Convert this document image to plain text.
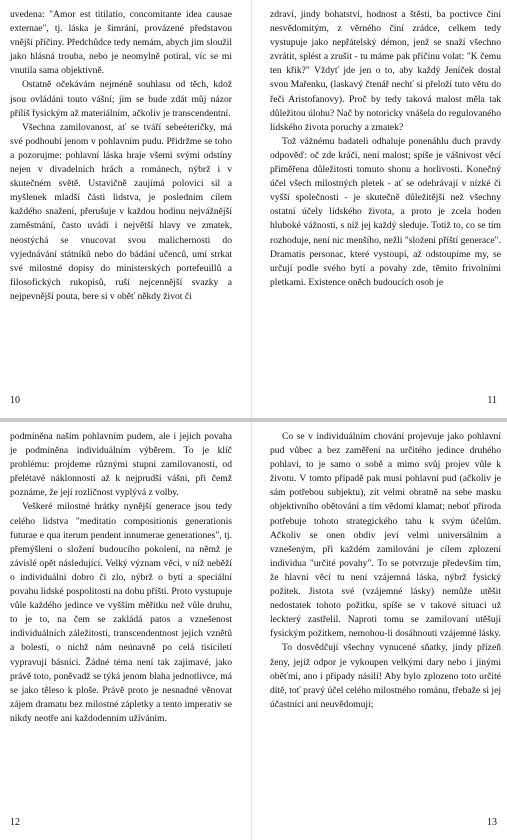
uvedena: "Amor est titilatio, concomitante idea causae externae", tj. láska je šimrání, provázené představou vnější příčiny. Předchůdce tedy nemám, abych jim sloužil jako hlásná trouba, nebo je neomylně potíral, víc se mi vnutila sama objektivně.

Ostatně očekávám nejméně souhlasu od těch, kdož jsou ovládáni touto vášní; jim se bude zdát můj názor příliš fysickým až materiálním, ačkoliv je transcendentní.

Všechna zamilovanost, ať se tváří sebeéteričky, má své podhoubí jenom v pohlavním pudu. Přidržme se toho a pozorujme: pohlavní láska hraje všemi svými odstíny nejen v divadelních hrách a románech, nýbrž i v skutečném světě. Ustavičně zaujímá polovici sil a myšlenek mladší části lidstva, je posledním cílem každého snažení, přerušuje v každou hodinu nejvážnější zaměstnání, často uvádí i největší hlavy ve zmatek, neostýchá se vnucovat svou malichernosti do vyjednávání státníků nebo do bádání učenců, umí strkat své milostné dopisy do ministerských portefeuillů a filosofických rukopisů, ruší nejcennější svazky a nejpevnější pouta, bere si v oběť někdy život či

10

zdraví, jindy bohatství, hodnost a štěstí, ba poctivce činí nesvědomitým, z věrného činí zrádce, celkem tedy vystupuje jako nepřátelský démon, jenž se snaží všechno zvrátit, splést a zrušit - tu máme pak příčinu volat: "K čemu ten křik?" Vždyť jde jen o to, aby každý Jeníček dostal svou Mařenku, (laskavý čtenář nechť si přeloží tuto větu do řeči Aristofanovy). Proč by tedy taková malost měla tak důležitou úlohu? Nač by notoricky vnášela do regulovaného lidského života poruchy a zmatek?

Tož vážnému badateli odhaluje ponenáhlu duch pravdy odpověď: oč zde kráčí, není malost; spíše je vášnivost věcí přiměřena důležitosti tomuto shonu a horlivosti. Konečný účel všech milostných pletek - ať se odehrávají v nízké či vyšší společnosti - je skutečně důležitější než všechny ostatní účely lidského života, a proto je zcela hoden hluboké vážnosti, s níž jej každý sleduje. Totiž to, co se tím rozhoduje, není nic menšího, nežli "složení příští generace". Dramatis personac, které vystoupí, až odstoupíme my, se určují podle svého bytí a povahy zde, těmito frivolními pletkami. Existence oněch budoucích osob je

11

podmíněna naším pohlavním pudem, ale i jejich povaha je podmíněna individuálním výběrem. To je klíč problému: projdeme různými stupni zamilovanosti, od přelétavé náklonnosti až k nejprudší vášni, při čemž poznáme, že její rozličnost vyplývá z volby.

Veškeré milostné hrátky nynější generace jsou tedy celého lidstva "meditatio compositionis generationis futurae e qua iterum pendent innumerae generationes", tj. přemýšlení o složení budoucího pokolení, na němž je závislé opět následující. Velký význam věci, v níž neběží o individuální dobro či zlo, nýbrž o bytí a speciální povahu lidské pospolitosti na dobu příští. Proto vystupuje vůle každého jedince ve vyšším měřítku než vůle druhu, to je to, na čem se zakládá patos a vznešenost individuálních záležitostí, transcendentnost jejich vznětů a bolestí, o nichž nám neúnavně po celá tisíciletí vypravují básníci. Žádné téma není tak zajímavé, jako právě toto, poněvadž se týká jenom blaha jednotlivce, má se jako těleso k ploše. Právě proto je nesnadné věnovat zájem dramatu bez milostné zápletky a tento imperativ se nikdy neotře ani každodenním užíváním.

12

Co se v individuálním chování projevuje jako pohlavní pud vůbec a bez zaměření na určitého jedince druhého pohlaví, to je samo o sobě a mimo svůj projev vůle k životu. V tomto případě pak musí pohlavní pud (ačkoliv je sám potřebou subjektu), zít velmi obratně na sebe masku objektivního obětování a tím vědomí klamat; neboť příroda potřebuje tohoto strategického tahu k svým účelům. Ačkoliv se onen obdiv jeví velmi universálním a vznešeným, při každém zamilování je cílem zplození individua "určité povahy". To se potvrzuje především tím, že hlavní věcí tu není vzájemná láska, nýbrž fysický požitek. Jistota své (vzájemné lásky) nemůže utěšit nedostatek tohoto požitku, spíše se v takové situaci už leckterý zastřelil. Naproti tomu se zamilovaní utěšují fysickým požitkem, nemohou-li dosáhnouti vzájemné lásky.

To dosvědčují všechny vynucené sňatky, jindy přízeň ženy, jejíž odpor je vykoupen velkými dary nebo i jinými oběťmi, ano i případy násilí! Aby bylo zplozeno toto určité dítě, toť pravý účel celého milostného románu, třebaže si jej účastníci ani neuvědomují;

13
